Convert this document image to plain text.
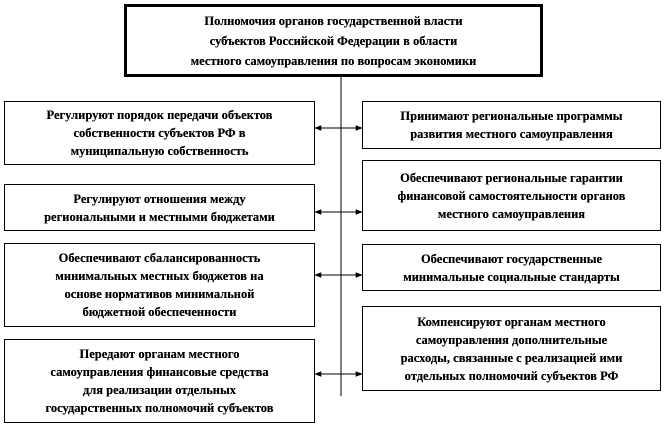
Полномочия органов государственной власти
субъектов Российской Федерации в области
местного самоуправления по вопросам экономики
Регулируют порядок передачи объектов
собственности субъектов РФ в
муниципальную собственность
Регулируют отношения между
региональными и местными бюджетами
Обеспечивают сбалансированность
минимальных местных бюджетов на
основе нормативов минимальной
бюджетной обеспеченности
Передают органам местного
самоуправления финансовые средства
для реализации отдельных
государственных полномочий субъектов
Принимают региональные программы
развития местного самоуправления
Обеспечивают региональные гарантии
финансовой самостоятельности органов
местного самоуправления
Обеспечивают государственные
минимальные социальные стандарты
Компенсируют органам местного
самоуправления дополнительные
расходы, связанные с реализацией ими
отдельных полномочий субъектов РФ
